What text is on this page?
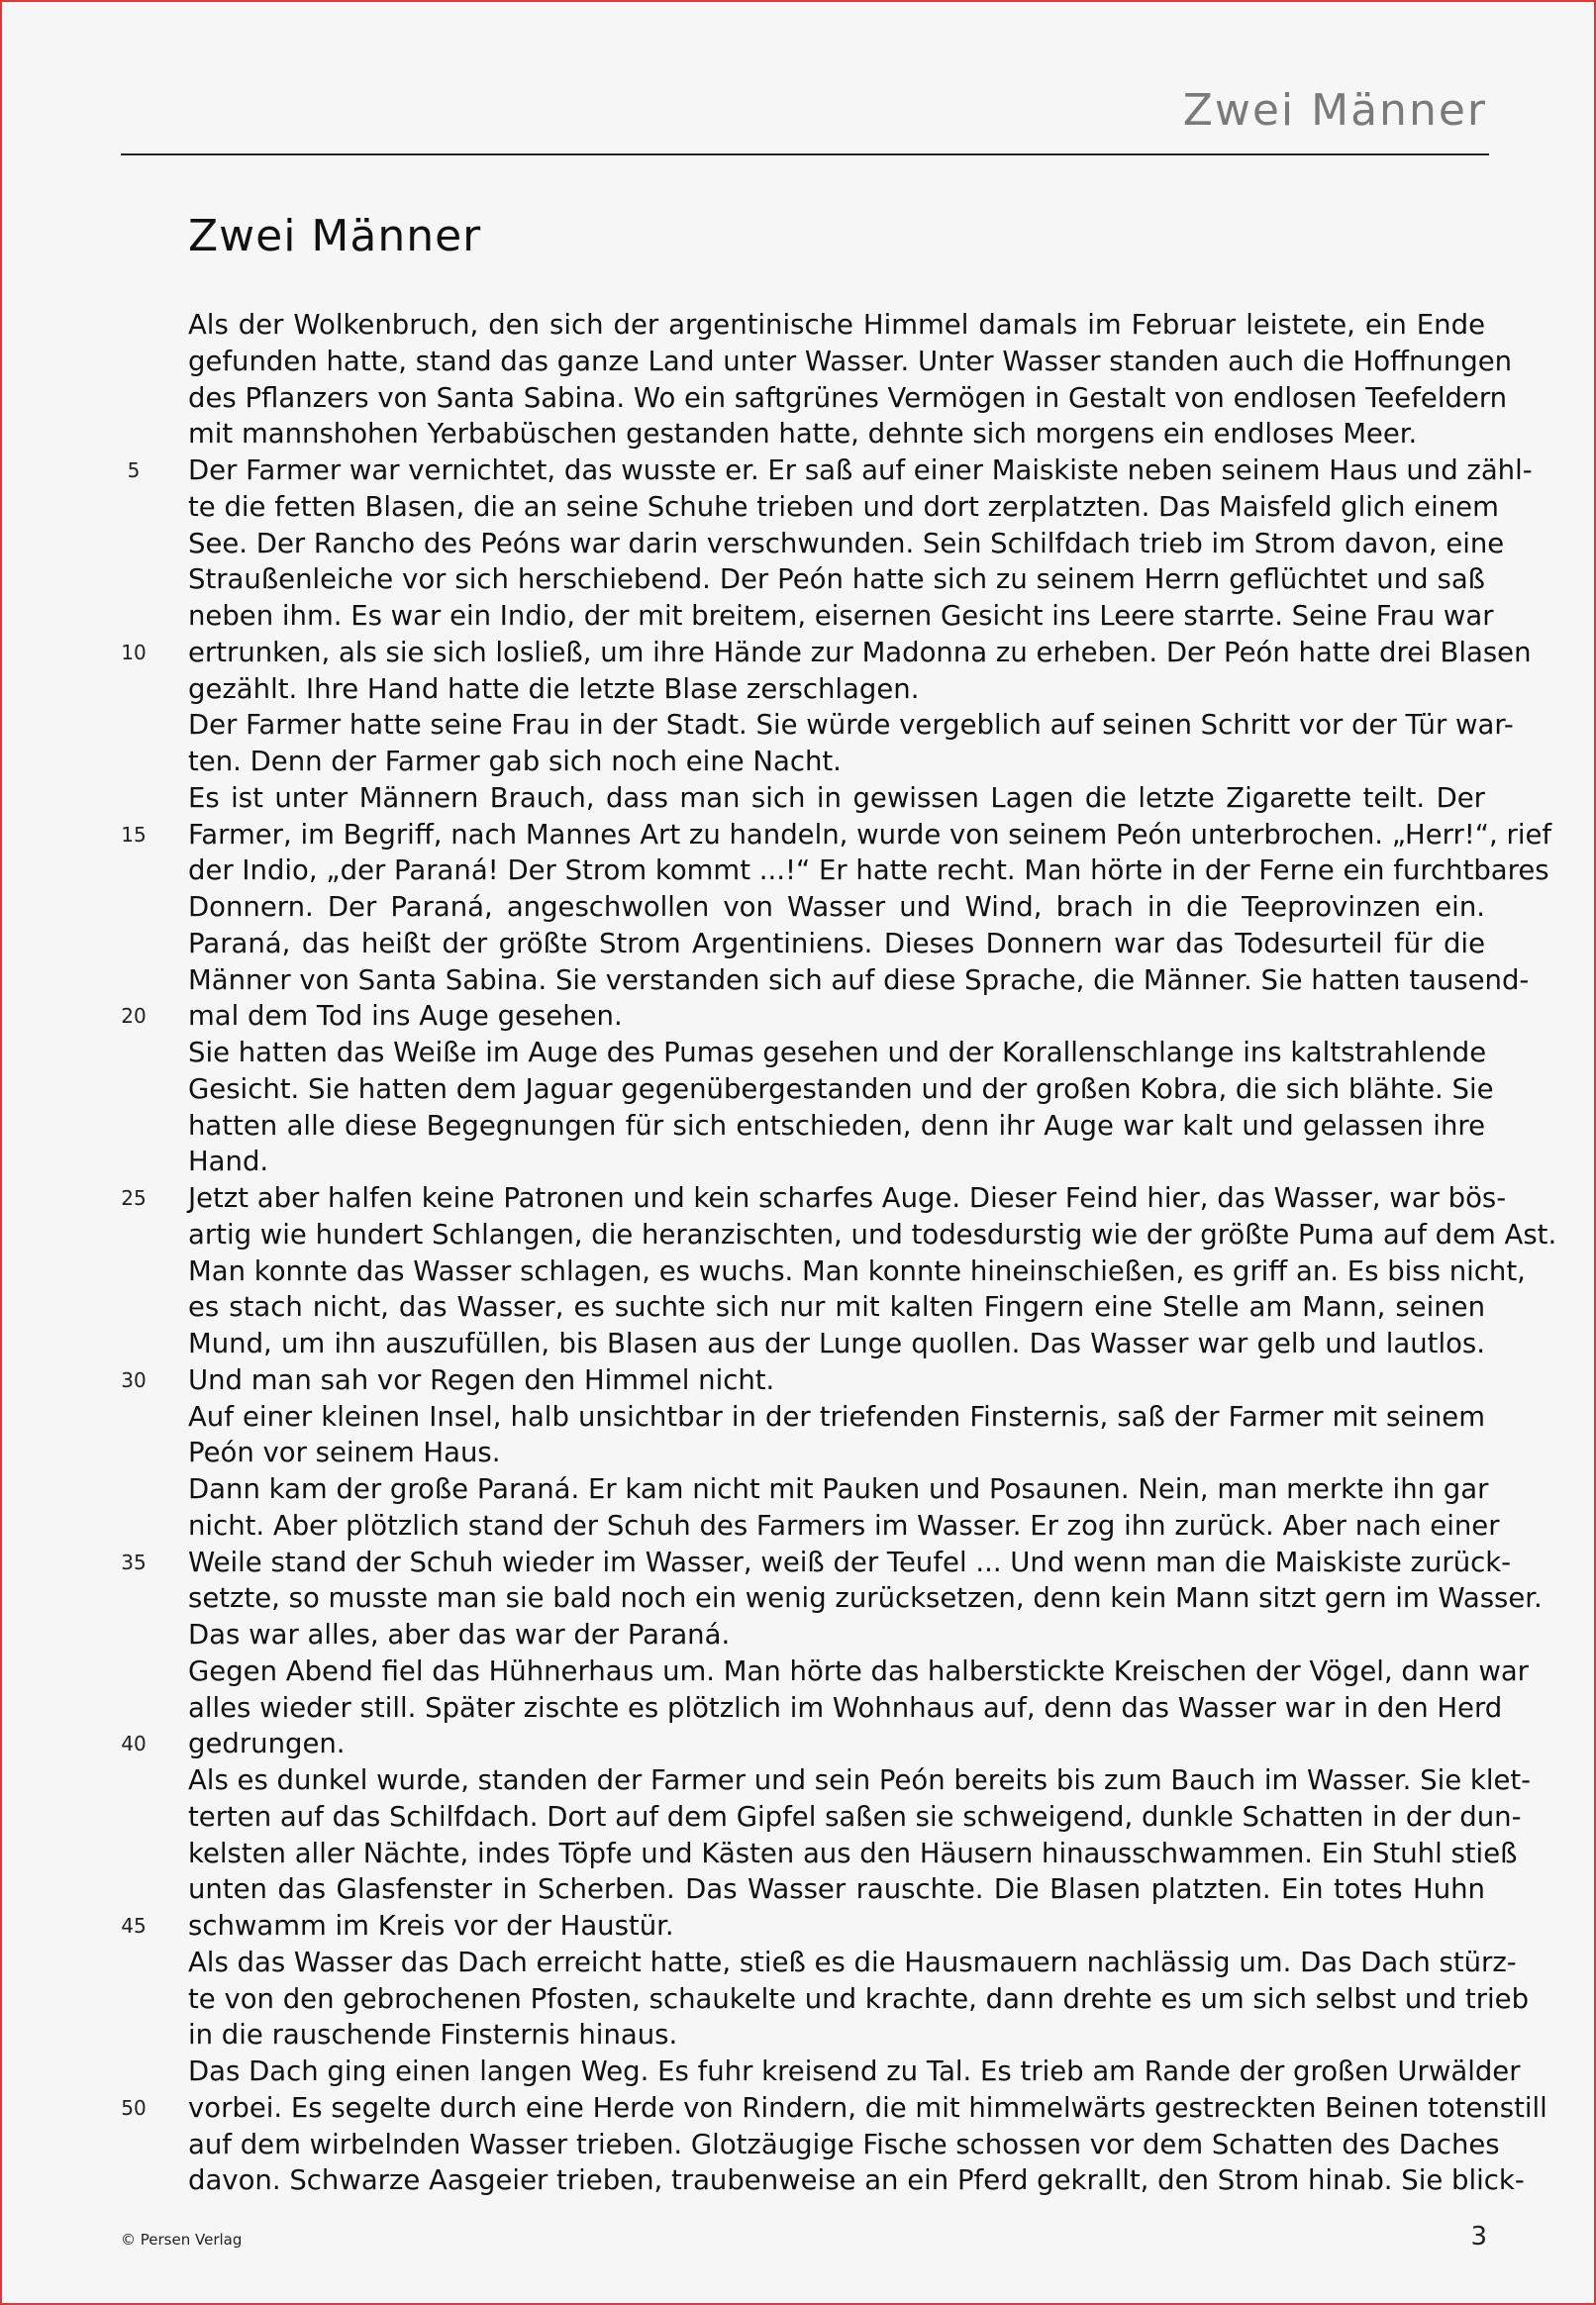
Zwei Männer
Zwei Männer
Als der Wolkenbruch, den sich der argentinische Himmel damals im Februar leistete, ein Ende
gefunden hatte, stand das ganze Land unter Wasser. Unter Wasser standen auch die Hoffnungen
des Pflanzers von Santa Sabina. Wo ein saftgrünes Vermögen in Gestalt von endlosen Teefeldern
mit mannshohen Yerbabüschen gestanden hatte, dehnte sich morgens ein endloses Meer.
Der Farmer war vernichtet, das wusste er. Er saß auf einer Maiskiste neben seinem Haus und zähl-
te die fetten Blasen, die an seine Schuhe trieben und dort zerplatzten. Das Maisfeld glich einem
See. Der Rancho des Peóns war darin verschwunden. Sein Schilfdach trieb im Strom davon, eine
Straußenleiche vor sich herschiebend. Der Peón hatte sich zu seinem Herrn geflüchtet und saß
neben ihm. Es war ein Indio, der mit breitem, eisernen Gesicht ins Leere starrte. Seine Frau war
ertrunken, als sie sich losließ, um ihre Hände zur Madonna zu erheben. Der Peón hatte drei Blasen
gezählt. Ihre Hand hatte die letzte Blase zerschlagen.
Der Farmer hatte seine Frau in der Stadt. Sie würde vergeblich auf seinen Schritt vor der Tür war-
ten. Denn der Farmer gab sich noch eine Nacht.
Es ist unter Männern Brauch, dass man sich in gewissen Lagen die letzte Zigarette teilt. Der
Farmer, im Begriff, nach Mannes Art zu handeln, wurde von seinem Peón unterbrochen. „Herr!“, rief
der Indio, „der Paraná! Der Strom kommt ...!“ Er hatte recht. Man hörte in der Ferne ein furchtbares
Donnern. Der Paraná, angeschwollen von Wasser und Wind, brach in die Teeprovinzen ein.
Paraná, das heißt der größte Strom Argentiniens. Dieses Donnern war das Todesurteil für die
Männer von Santa Sabina. Sie verstanden sich auf diese Sprache, die Männer. Sie hatten tausend-
mal dem Tod ins Auge gesehen.
Sie hatten das Weiße im Auge des Pumas gesehen und der Korallenschlange ins kaltstrahlende
Gesicht. Sie hatten dem Jaguar gegenübergestanden und der großen Kobra, die sich blähte. Sie
hatten alle diese Begegnungen für sich entschieden, denn ihr Auge war kalt und gelassen ihre
Hand.
Jetzt aber halfen keine Patronen und kein scharfes Auge. Dieser Feind hier, das Wasser, war bös-
artig wie hundert Schlangen, die heranzischten, und todesdurstig wie der größte Puma auf dem Ast.
Man konnte das Wasser schlagen, es wuchs. Man konnte hineinschießen, es griff an. Es biss nicht,
es stach nicht, das Wasser, es suchte sich nur mit kalten Fingern eine Stelle am Mann, seinen
Mund, um ihn auszufüllen, bis Blasen aus der Lunge quollen. Das Wasser war gelb und lautlos.
Und man sah vor Regen den Himmel nicht.
Auf einer kleinen Insel, halb unsichtbar in der triefenden Finsternis, saß der Farmer mit seinem
Peón vor seinem Haus.
Dann kam der große Paraná. Er kam nicht mit Pauken und Posaunen. Nein, man merkte ihn gar
nicht. Aber plötzlich stand der Schuh des Farmers im Wasser. Er zog ihn zurück. Aber nach einer
Weile stand der Schuh wieder im Wasser, weiß der Teufel ... Und wenn man die Maiskiste zurück-
setzte, so musste man sie bald noch ein wenig zurücksetzen, denn kein Mann sitzt gern im Wasser.
Das war alles, aber das war der Paraná.
Gegen Abend fiel das Hühnerhaus um. Man hörte das halberstickte Kreischen der Vögel, dann war
alles wieder still. Später zischte es plötzlich im Wohnhaus auf, denn das Wasser war in den Herd
gedrungen.
Als es dunkel wurde, standen der Farmer und sein Peón bereits bis zum Bauch im Wasser. Sie klet-
terten auf das Schilfdach. Dort auf dem Gipfel saßen sie schweigend, dunkle Schatten in der dun-
kelsten aller Nächte, indes Töpfe und Kästen aus den Häusern hinausschwammen. Ein Stuhl stieß
unten das Glasfenster in Scherben. Das Wasser rauschte. Die Blasen platzten. Ein totes Huhn
schwamm im Kreis vor der Haustür.
Als das Wasser das Dach erreicht hatte, stieß es die Hausmauern nachlässig um. Das Dach stürz-
te von den gebrochenen Pfosten, schaukelte und krachte, dann drehte es um sich selbst und trieb
in die rauschende Finsternis hinaus.
Das Dach ging einen langen Weg. Es fuhr kreisend zu Tal. Es trieb am Rande der großen Urwälder
vorbei. Es segelte durch eine Herde von Rindern, die mit himmelwärts gestreckten Beinen totenstill
auf dem wirbelnden Wasser trieben. Glotzäugige Fische schossen vor dem Schatten des Daches
davon. Schwarze Aasgeier trieben, traubenweise an ein Pferd gekrallt, den Strom hinab. Sie blick-
5
10
15
20
25
30
35
40
45
50
© Persen Verlag	3
